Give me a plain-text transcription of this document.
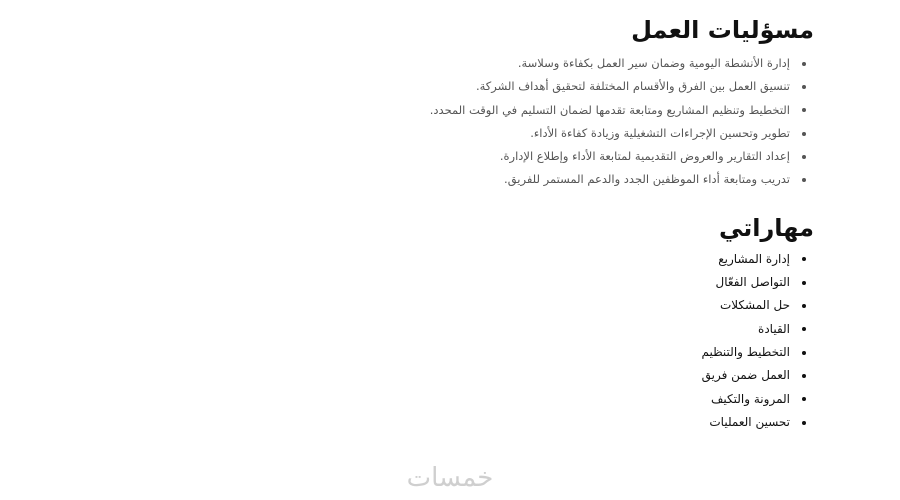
مسؤليات العمل
إدارة الأنشطة اليومية وضمان سير العمل بكفاءة وسلاسة.
تنسيق العمل بين الفرق والأقسام المختلفة لتحقيق أهداف الشركة.
التخطيط وتنظيم المشاريع ومتابعة تقدمها لضمان التسليم في الوقت المحدد.
تطوير وتحسين الإجراءات التشغيلية وزيادة كفاءة الأداء.
إعداد التقارير والعروض التقديمية لمتابعة الأداء وإطلاع الإدارة.
تدريب ومتابعة أداء الموظفين الجدد والدعم المستمر للفريق.
مهاراتي
إدارة المشاريع
التواصل الفعّال
حل المشكلات
القيادة
التخطيط والتنظيم
العمل ضمن فريق
المرونة والتكيف
تحسين العمليات
خمسات
